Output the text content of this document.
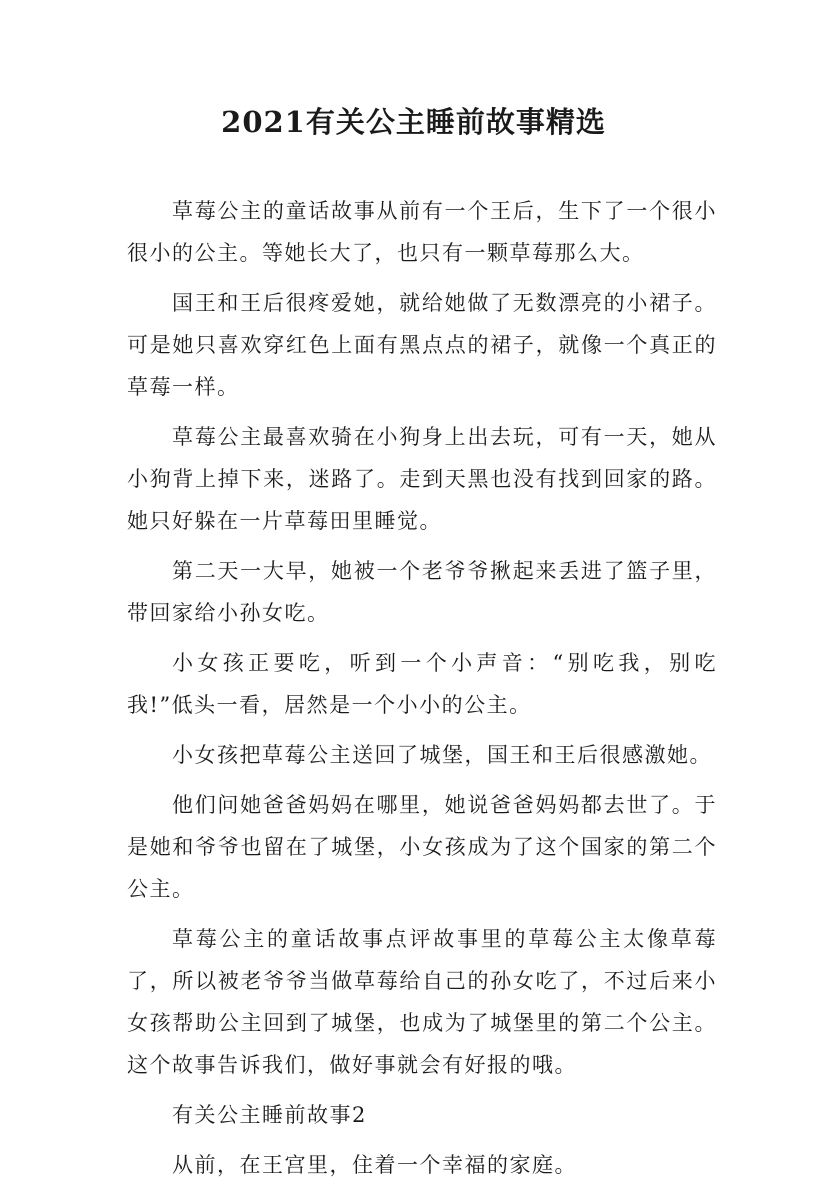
2021有关公主睡前故事精选

草莓公主的童话故事从前有一个王后，生下了一个很小很小的公主。等她长大了，也只有一颗草莓那么大。

国王和王后很疼爱她，就给她做了无数漂亮的小裙子。可是她只喜欢穿红色上面有黑点点的裙子，就像一个真正的草莓一样。

草莓公主最喜欢骑在小狗身上出去玩，可有一天，她从小狗背上掉下来，迷路了。走到天黑也没有找到回家的路。她只好躲在一片草莓田里睡觉。

第二天一大早，她被一个老爷爷揪起来丢进了篮子里，带回家给小孙女吃。

小女孩正要吃，听到一个小声音：“别吃我，别吃我!”低头一看，居然是一个小小的公主。

小女孩把草莓公主送回了城堡，国王和王后很感激她。

他们问她爸爸妈妈在哪里，她说爸爸妈妈都去世了。于是她和爷爷也留在了城堡，小女孩成为了这个国家的第二个公主。

草莓公主的童话故事点评故事里的草莓公主太像草莓了，所以被老爷爷当做草莓给自己的孙女吃了，不过后来小女孩帮助公主回到了城堡，也成为了城堡里的第二个公主。这个故事告诉我们，做好事就会有好报的哦。

有关公主睡前故事2

从前，在王宫里，住着一个幸福的家庭。
